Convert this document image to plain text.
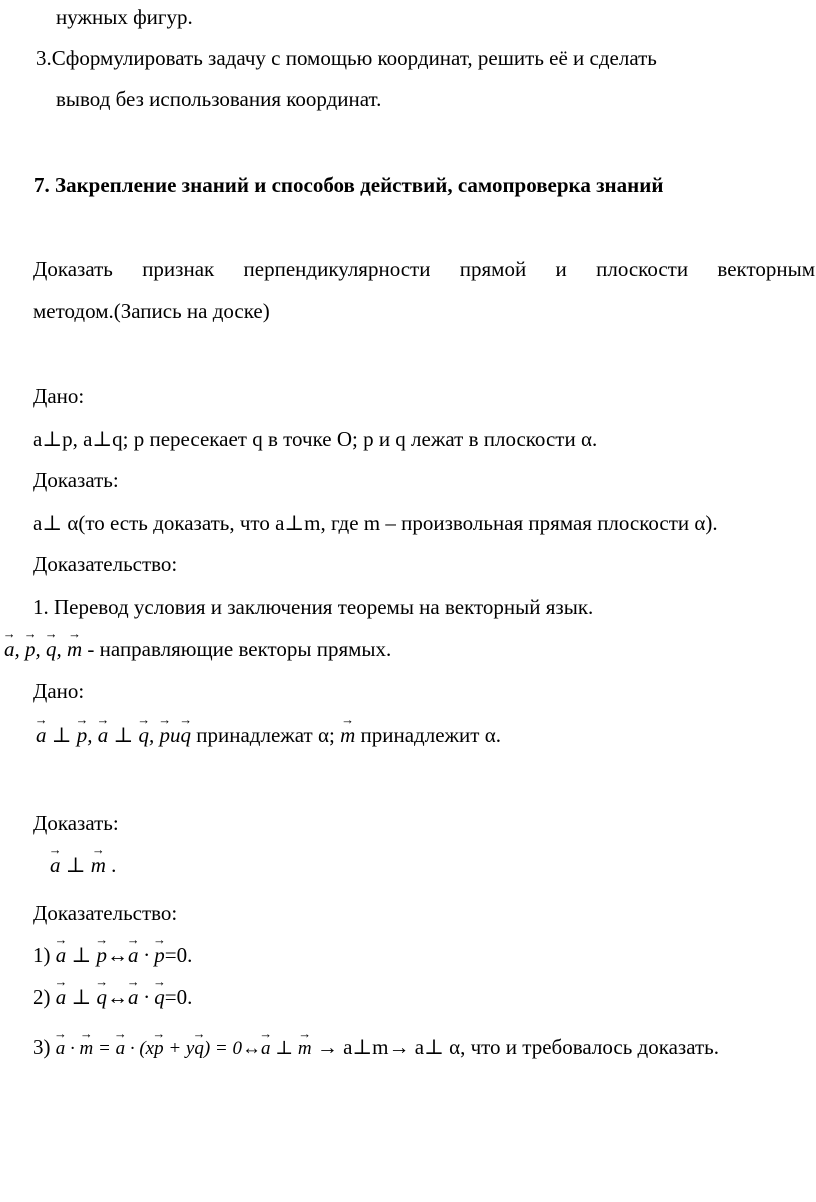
нужных фигур.
3.Сформулировать задачу с помощью координат, решить её и сделать
вывод без использования координат.
7. Закрепление знаний и способов действий, самопроверка знаний
Доказать признак перпендикулярности прямой и плоскости векторным
методом.(Запись на доске)
Дано:
a⊥p, a⊥q; p пересекает q в точке O; p и q лежат в плоскости α.
Доказать:
a⊥ α(то есть доказать, что a⊥m, где m – произвольная прямая плоскости α).
Доказательство:
1. Перевод условия и заключения теоремы на векторный язык.
→ a, → p, → q, → m - направляющие векторы прямых.
Дано:
→ a ⊥ → p, → a ⊥ → q, → pи→ q принадлежат α; → m принадлежит α.
Доказать:
→ a ⊥ → m .
Доказательство:
1) → a ⊥ → p↔→ a · → p=0.
2) → a ⊥ → q↔→ a · → q=0.
3) → a · → m = → a · (x→ p + y→ q) = 0↔→ a ⊥ → m → a⊥m→ a⊥ α, что и требовалось доказать.
